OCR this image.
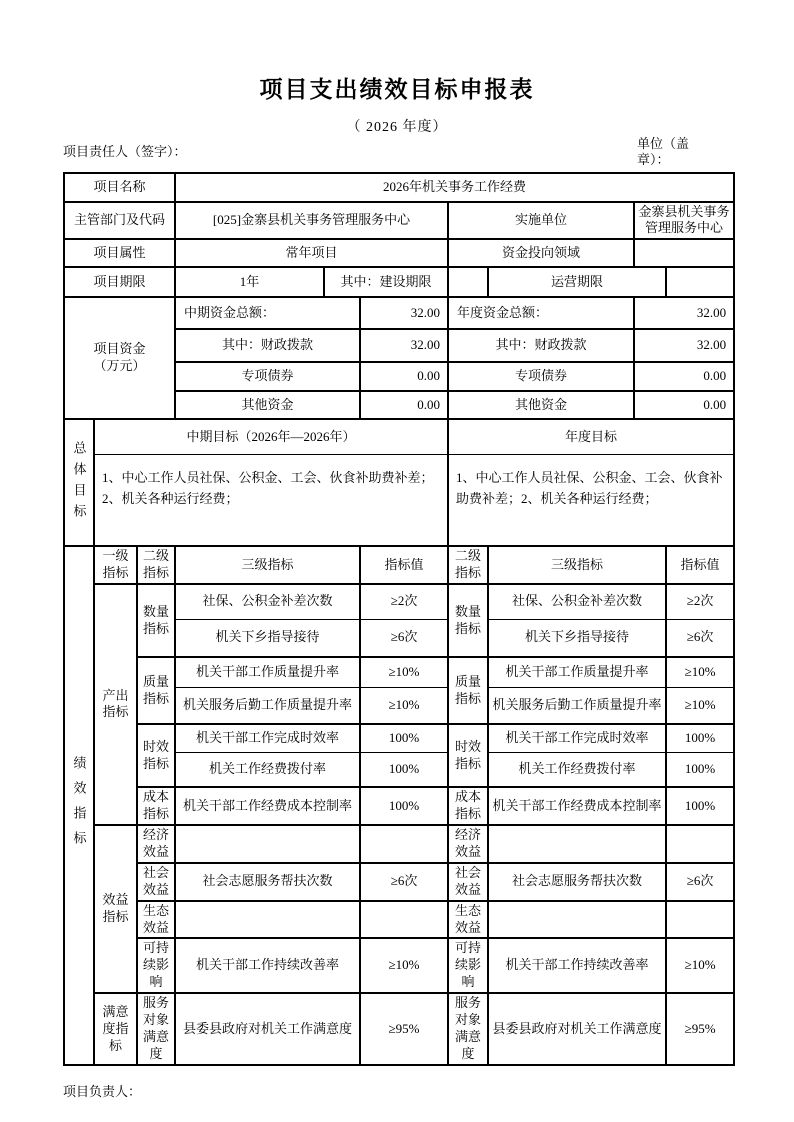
项目支出绩效目标申报表
（ 2026 年度）
项目责任人（签字）：	单位（盖章）：
项目名称			2026年机关事务工作经费						
主管部门及代码			[025]金寨县机关事务管理服务中心			实施单位		金寨县机关事务管理服务中心	
项目属性			常年项目			资金投向领域			
项目期限			1年	其中：建设期限			运营期限		

项目资金
（万元）			中期资金总额：		32.00	年度资金总额：		32.00	
			其中：财政拨款		32.00	其中：财政拨款		32.00	
			专项债券		0.00	专项债券		0.00	
			其他资金		0.00	其他资金		0.00	

总体目标	中期目标（2026年—2026年）					年度目标			
	1、中心工作人员社保、公积金、工会、伙食补助费补差；2、机关各种运行经费；					1、中心工作人员社保、公积金、工会、伙食补助费补差；2、机关各种运行经费；			

绩效指标	一级指标	二级指标	三级指标		指标值	二级指标	三级指标		指标值
	产出指标	数量指标	社保、公积金补差次数		≥2次	数量指标	社保、公积金补差次数		≥2次
			机关下乡指导接待		≥6次		机关下乡指导接待		≥6次
		质量指标	机关干部工作质量提升率		≥10%	质量指标	机关干部工作质量提升率		≥10%
			机关服务后勤工作质量提升率		≥10%		机关服务后勤工作质量提升率		≥10%
		时效指标	机关干部工作完成时效率		100%	时效指标	机关干部工作完成时效率		100%
			机关工作经费拨付率		100%		机关工作经费拨付率		100%
		成本指标	机关干部工作经费成本控制率		100%	成本指标	机关干部工作经费成本控制率		100%
	效益指标	经济效益				经济效益			
		社会效益	社会志愿服务帮扶次数		≥6次	社会效益	社会志愿服务帮扶次数		≥6次
		生态效益				生态效益			
		可持续影响	机关干部工作持续改善率		≥10%	可持续影响	机关干部工作持续改善率		≥10%
	满意度指标	服务对象满意度	县委县政府对机关工作满意度		≥95%	服务对象满意度	县委县政府对机关工作满意度		≥95%
项目负责人：
